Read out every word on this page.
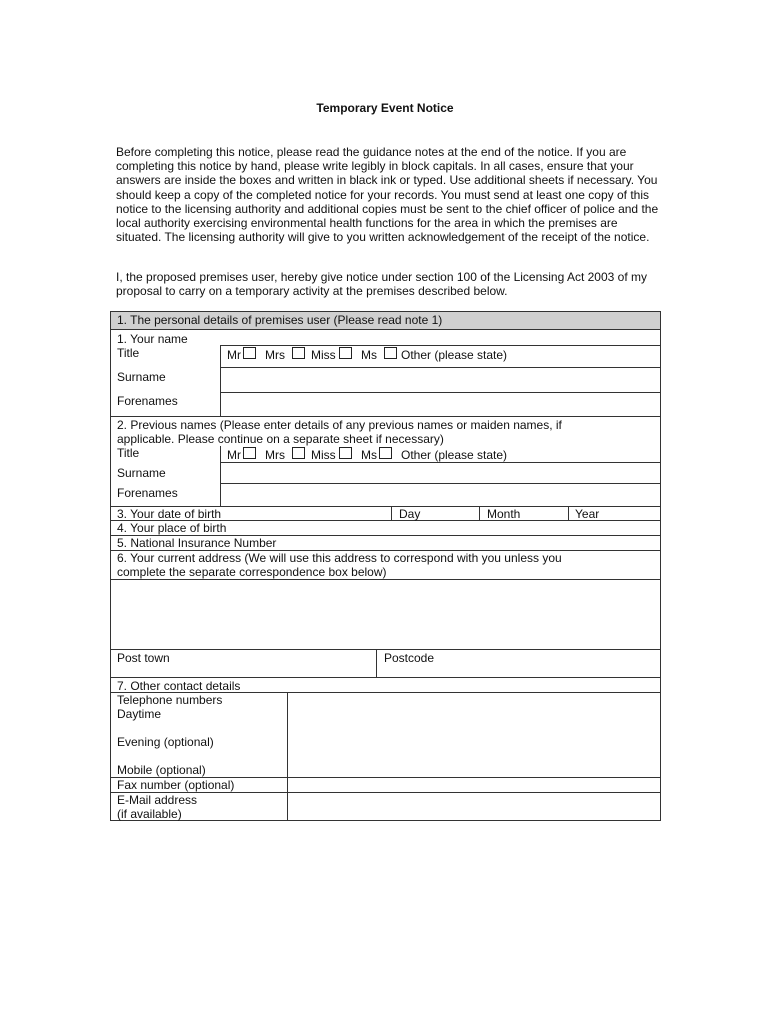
Temporary Event Notice

Before completing this notice, please read the guidance notes at the end of the notice. If you are completing this notice by hand, please write legibly in block capitals. In all cases, ensure that your answers are inside the boxes and written in black ink or typed. Use additional sheets if necessary. You should keep a copy of the completed notice for your records. You must send at least one copy of this notice to the licensing authority and additional copies must be sent to the chief officer of police and the local authority exercising environmental health functions for the area in which the premises are situated. The licensing authority will give to you written acknowledgement of the receipt of the notice.

I, the proposed premises user, hereby give notice under section 100 of the Licensing Act 2003 of my proposal to carry on a temporary activity at the premises described below.

1. The personal details of premises user (Please read note 1)
1. Your name
Title	Mr Mrs Miss Ms Other (please state)
Surname
Forenames
2. Previous names (Please enter details of any previous names or maiden names, if
applicable. Please continue on a separate sheet if necessary)
Title	Mr Mrs Miss Ms Other (please state)
Surname
Forenames
3. Your date of birth	Day	Month	Year
4. Your place of birth
5. National Insurance Number
6. Your current address (We will use this address to correspond with you unless you
complete the separate correspondence box below)
Post town	Postcode
7. Other contact details
Telephone numbers
Daytime
Evening (optional)
Mobile (optional)
Fax number (optional)
E-Mail address
(if available)
